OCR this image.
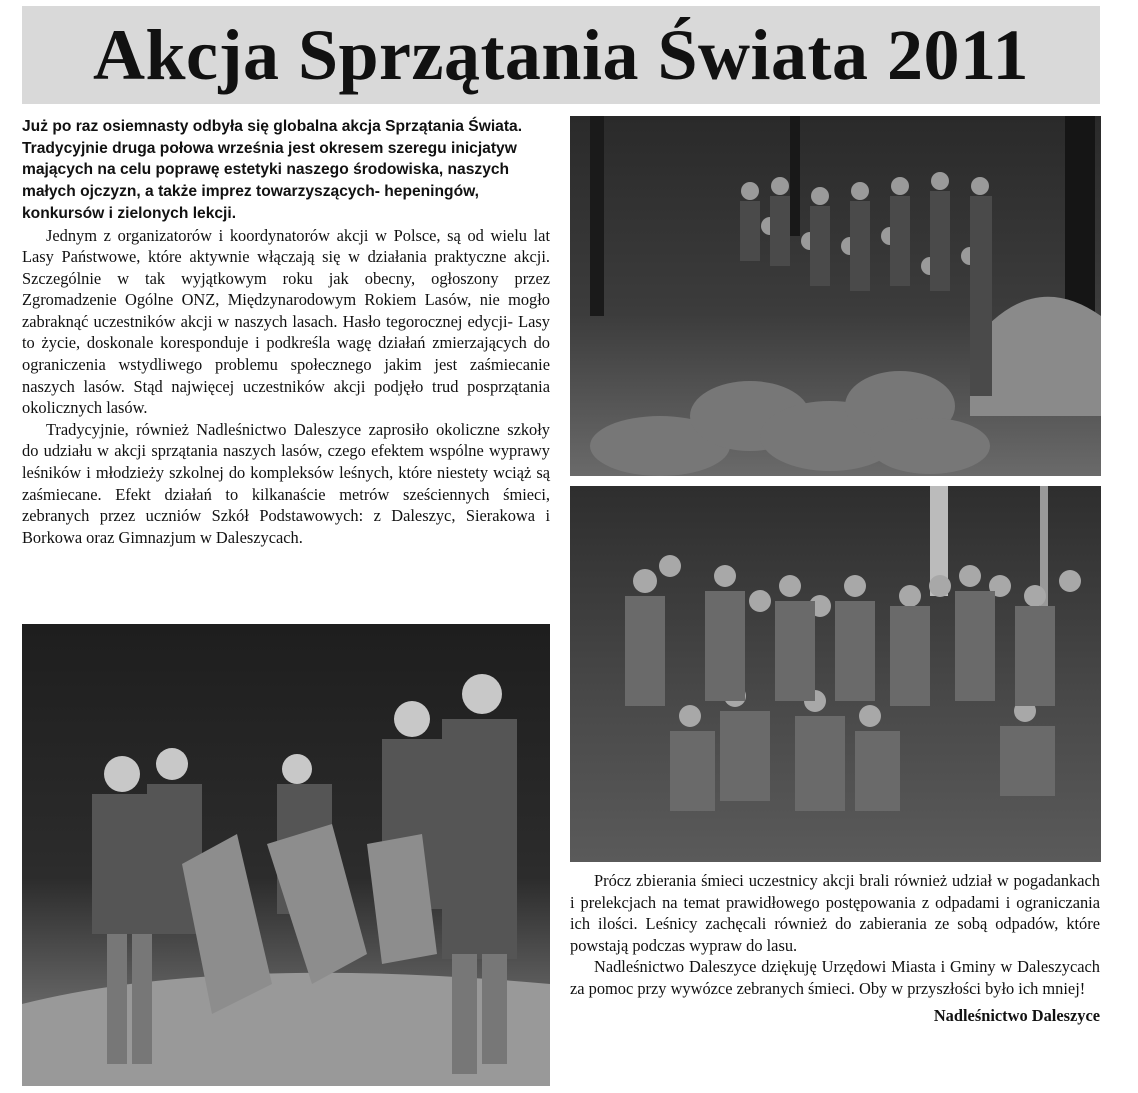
Akcja Sprzątania Świata 2011

Już po raz osiemnasty odbyła się globalna akcja Sprzątania Świata. Tradycyjnie druga połowa września jest okresem szeregu inicjatyw mających na celu poprawę estetyki naszego środowiska, naszych małych ojczyzn, a także imprez towarzyszących- hepeningów, konkursów i zielonych lekcji.

Jednym z organizatorów i koordynatorów akcji w Polsce, są od wielu lat Lasy Państwowe, które aktywnie włączają się w działania praktyczne akcji. Szczególnie w tak wyjątkowym roku jak obecny, ogłoszony przez Zgromadzenie Ogólne ONZ, Międzynarodowym Rokiem Lasów, nie mogło zabraknąć uczestników akcji w naszych lasach. Hasło tegorocznej edycji- Lasy to życie, doskonale koresponduje i podkreśla wagę działań zmierzających do ograniczenia wstydliwego problemu społecznego jakim jest zaśmiecanie naszych lasów. Stąd najwięcej uczestników akcji podjęło trud posprzątania okolicznych lasów.

Tradycyjnie, również Nadleśnictwo Daleszyce zaprosiło okoliczne szkoły do udziału w akcji sprzątania naszych lasów, czego efektem wspólne wyprawy leśników i młodzieży szkolnej do kompleksów leśnych, które niestety wciąż są zaśmiecane. Efekt działań to kilkanaście metrów sześciennych śmieci, zebranych przez uczniów Szkół Podstawowych: z Daleszyc, Sierakowa i Borkowa oraz Gimnazjum w Daleszycach.

Prócz zbierania śmieci uczestnicy akcji brali również udział w pogadankach i prelekcjach na temat prawidłowego postępowania z odpadami i ograniczania ich ilości. Leśnicy zachęcali również do zabierania ze sobą odpadów, które powstają podczas wypraw do lasu.

Nadleśnictwo Daleszyce dziękuję Urzędowi Miasta i Gminy w Daleszycach za pomoc przy wywózce zebranych śmieci. Oby w przyszłości było ich mniej!

Nadleśnictwo Daleszyce
